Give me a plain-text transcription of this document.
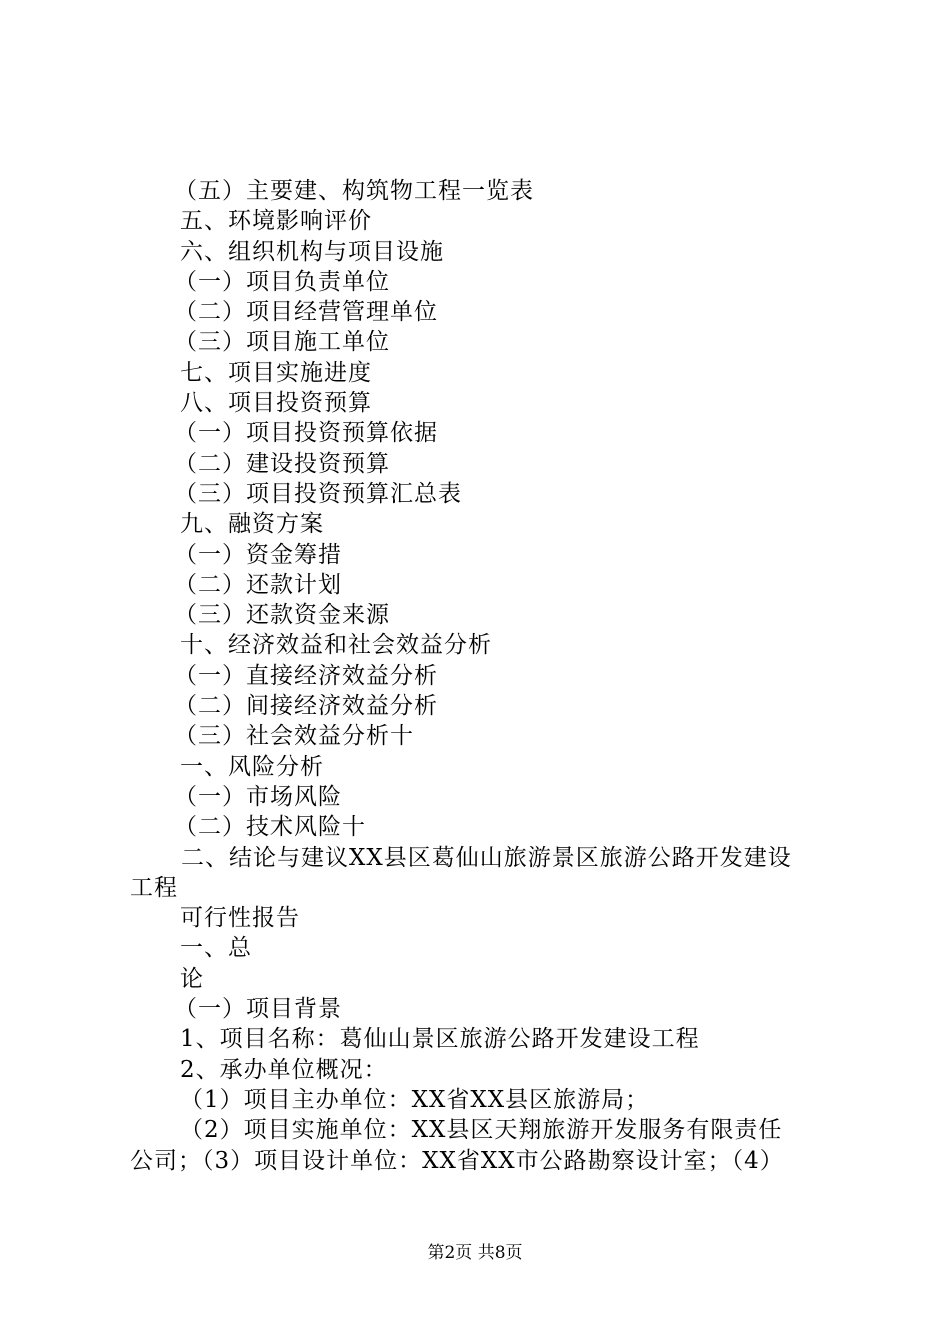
（五）主要建、构筑物工程一览表
五、环境影响评价
六、组织机构与项目设施
（一）项目负责单位
（二）项目经营管理单位
（三）项目施工单位
七、项目实施进度
八、项目投资预算
（一）项目投资预算依据
（二）建设投资预算
（三）项目投资预算汇总表
九、融资方案
（一）资金筹措
（二）还款计划
（三）还款资金来源
十、经济效益和社会效益分析
（一）直接经济效益分析
（二）间接经济效益分析
（三）社会效益分析十
一、风险分析
（一）市场风险
（二）技术风险十
二、结论与建议XX县区葛仙山旅游景区旅游公路开发建设
工程
可行性报告
一、总
论
（一）项目背景
1、项目名称：葛仙山景区旅游公路开发建设工程
2、承办单位概况：
（1）项目主办单位：XX省XX县区旅游局；
（2）项目实施单位：XX县区天翔旅游开发服务有限责任
公司；（3）项目设计单位：XX省XX市公路勘察设计室；（4）
第2页 共8页
